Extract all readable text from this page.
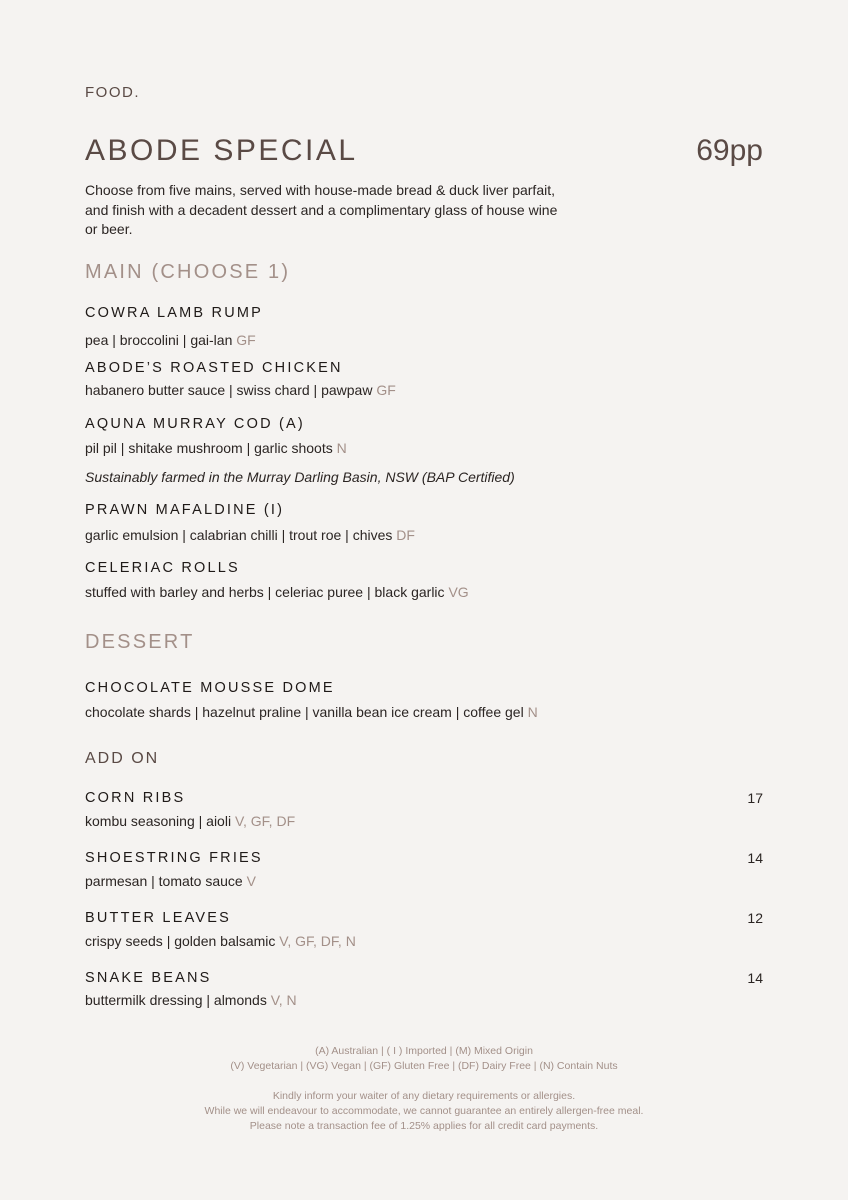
FOOD.
ABODE SPECIAL	69pp
Choose from five mains, served with house-made bread & duck liver parfait, and finish with a decadent dessert and a complimentary glass of house wine or beer.
MAIN (CHOOSE 1)
COWRA LAMB RUMP
pea | broccolini | gai-lan GF
ABODE’S ROASTED CHICKEN
habanero butter sauce | swiss chard | pawpaw GF
AQUNA MURRAY COD (A)
pil pil | shitake mushroom | garlic shoots N
Sustainably farmed in the Murray Darling Basin, NSW (BAP Certified)
PRAWN MAFALDINE (I)
garlic emulsion | calabrian chilli | trout roe | chives DF
CELERIAC ROLLS
stuffed with barley and herbs | celeriac puree | black garlic VG
DESSERT
CHOCOLATE MOUSSE DOME
chocolate shards | hazelnut praline | vanilla bean ice cream | coffee gel N
ADD ON
CORN RIBS	17
kombu seasoning | aioli V, GF, DF
SHOESTRING FRIES	14
parmesan | tomato sauce V
BUTTER LEAVES	12
crispy seeds | golden balsamic V, GF, DF, N
SNAKE BEANS	14
buttermilk dressing | almonds V, N
(A) Australian | ( I ) Imported | (M) Mixed Origin
(V) Vegetarian | (VG) Vegan | (GF) Gluten Free | (DF) Dairy Free | (N) Contain Nuts
Kindly inform your waiter of any dietary requirements or allergies.
While we will endeavour to accommodate, we cannot guarantee an entirely allergen-free meal.
Please note a transaction fee of 1.25% applies for all credit card payments.
